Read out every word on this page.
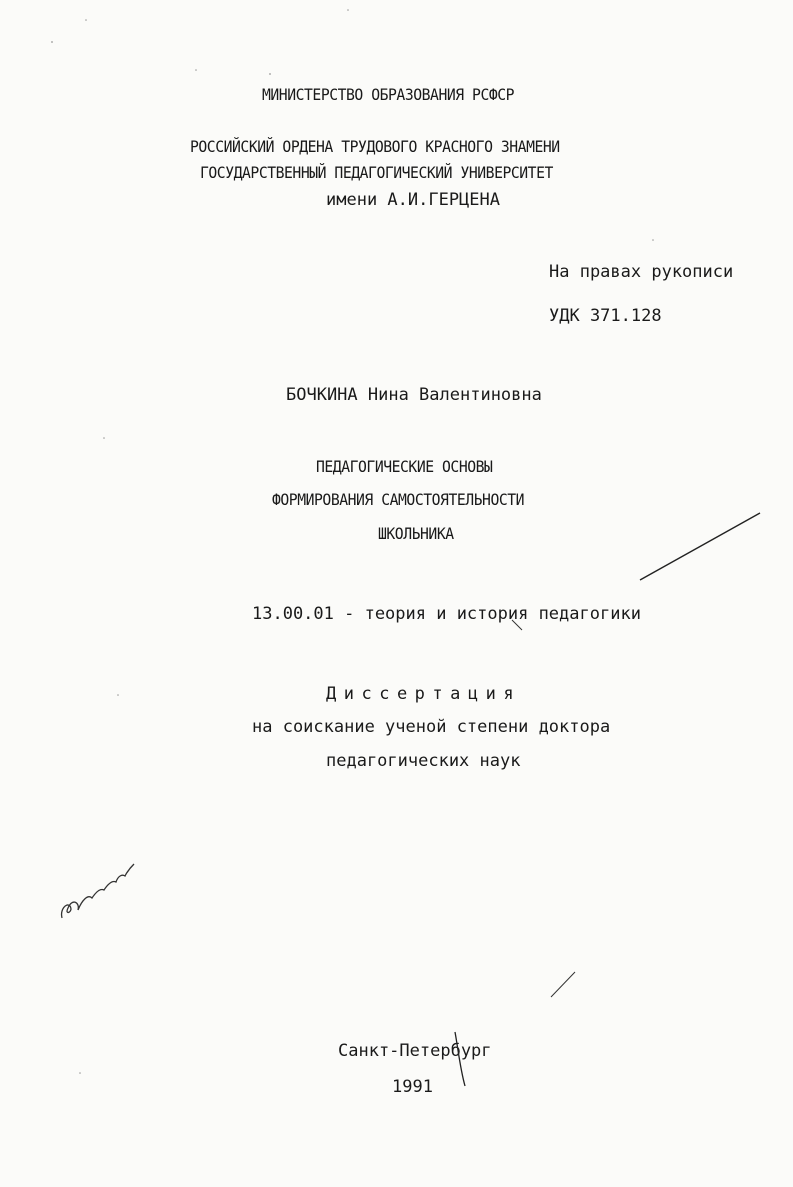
МИНИСТЕРСТВО ОБРАЗОВАНИЯ РСФСР
РОССИЙСКИЙ ОРДЕНА ТРУДОВОГО КРАСНОГО ЗНАМЕНИ
ГОСУДАРСТВЕННЫЙ ПЕДАГОГИЧЕСКИЙ УНИВЕРСИТЕТ
имени А.И.ГЕРЦЕНА
На правах рукописи
УДК 371.128
БОЧКИНА Нина Валентиновна
ПЕДАГОГИЧЕСКИЕ ОСНОВЫ
ФОРМИРОВАНИЯ САМОСТОЯТЕЛЬНОСТИ
ШКОЛЬНИКА
13.00.01 - теория и история педагогики
Диссертация
на соискание ученой степени доктора
педагогических наук
Санкт-Петербург
1991
